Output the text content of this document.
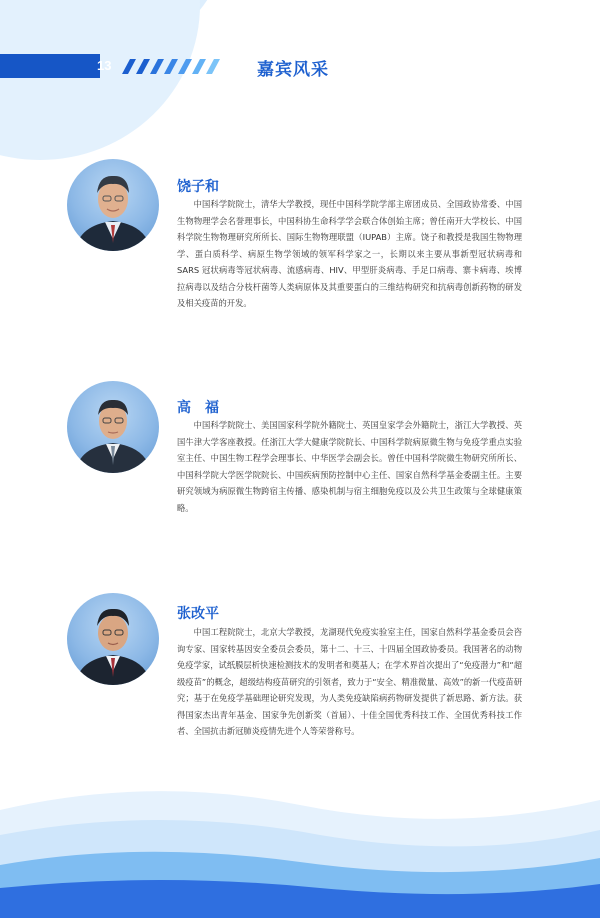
13	嘉宾风采
饶子和

中国科学院院士，清华大学教授，现任中国科学院学部主席团成员、全国政协常委、中国生物物理学会名誉理事长，中国科协生命科学学会联合体创始主席；曾任南开大学校长、中国科学院生物物理研究所所长、国际生物物理联盟（IUPAB）主席。饶子和教授是我国生物物理学、蛋白质科学、病原生物学领域的领军科学家之一，长期以来主要从事新型冠状病毒和 SARS 冠状病毒等冠状病毒、流感病毒、HIV、甲型肝炎病毒、手足口病毒、寨卡病毒、埃博拉病毒以及结合分枝杆菌等人类病原体及其重要蛋白的三维结构研究和抗病毒创新药物的研发及相关疫苗的开发。

高　福

中国科学院院士、美国国家科学院外籍院士、英国皇家学会外籍院士，浙江大学教授、英国牛津大学客座教授。任浙江大学大健康学院院长、中国科学院病原微生物与免疫学重点实验室主任、中国生物工程学会理事长、中华医学会副会长。曾任中国科学院微生物研究所所长、中国科学院大学医学院院长、中国疾病预防控制中心主任、国家自然科学基金委副主任。主要研究领域为病原微生物跨宿主传播、感染机制与宿主细胞免疫以及公共卫生政策与全球健康策略。

张改平

中国工程院院士，北京大学教授，龙湖现代免疫实验室主任，国家自然科学基金委员会咨询专家、国家转基因安全委员会委员，第十二、十三、十四届全国政协委员。我国著名的动物免疫学家，试纸膜层析快速检测技术的发明者和奠基人；在学术界首次提出了“免疫潜力”和“超级疫苗”的概念，超级结构疫苗研究的引领者，致力于“安全、精准微量、高效”的新一代疫苗研究；基于在免疫学基础理论研究发现，为人类免疫缺陷病药物研发提供了新思路、新方法。获得国家杰出青年基金、国家争先创新奖（首届）、十佳全国优秀科技工作、全国优秀科技工作者、全国抗击新冠肺炎疫情先进个人等荣誉称号。
